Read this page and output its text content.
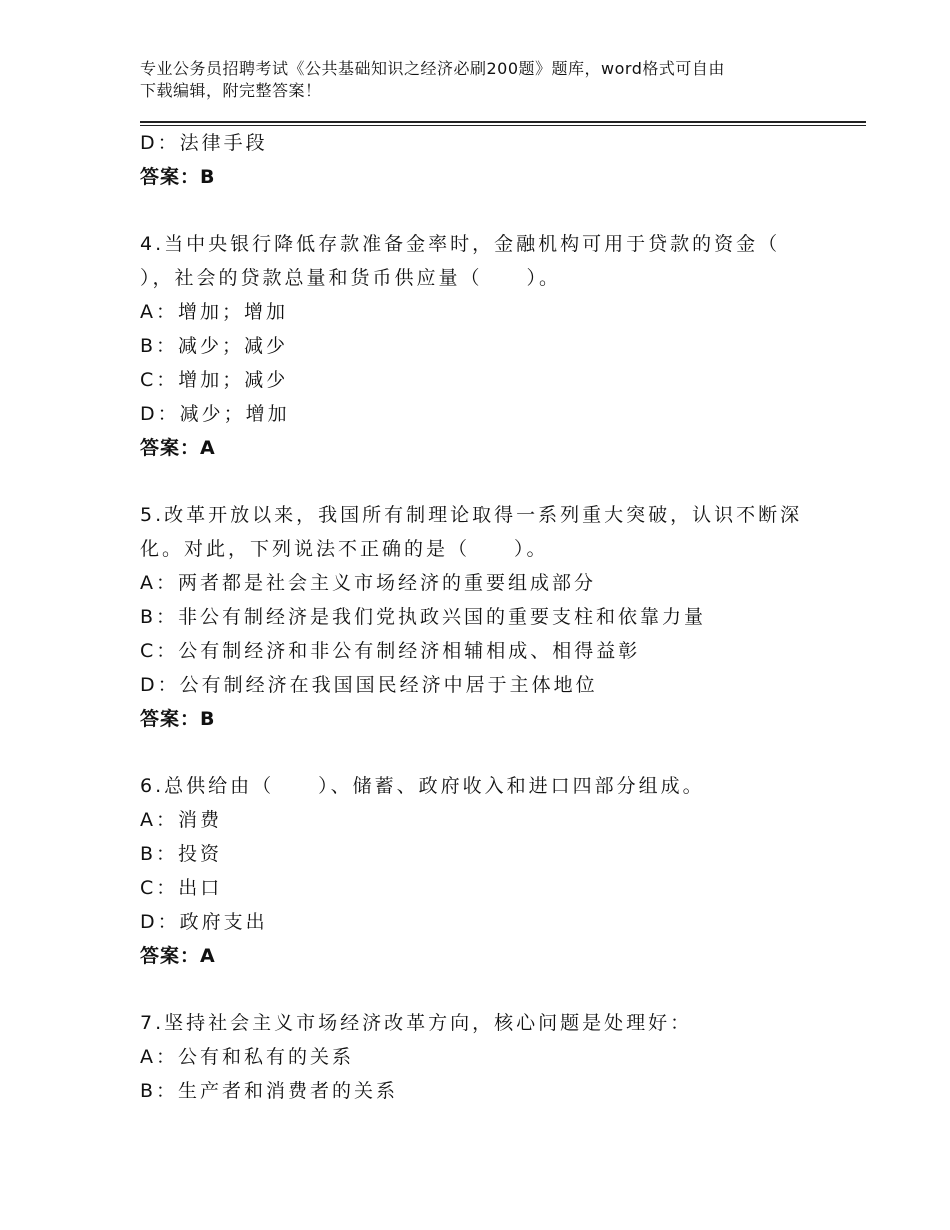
专业公务员招聘考试《公共基础知识之经济必刷200题》题库，word格式可自由
下载编辑，附完整答案！
D：法律手段
答案：B
4.当中央银行降低存款准备金率时，金融机构可用于贷款的资金（
），社会的贷款总量和货币供应量（　　）。
A：增加；增加
B：减少；减少
C：增加；减少
D：减少；增加
答案：A
5.改革开放以来，我国所有制理论取得一系列重大突破，认识不断深
化。对此，下列说法不正确的是（　　）。
A：两者都是社会主义市场经济的重要组成部分
B：非公有制经济是我们党执政兴国的重要支柱和依靠力量
C：公有制经济和非公有制经济相辅相成、相得益彰
D：公有制经济在我国国民经济中居于主体地位
答案：B
6.总供给由（　　）、储蓄、政府收入和进口四部分组成。
A：消费
B：投资
C：出口
D：政府支出
答案：A
7.坚持社会主义市场经济改革方向，核心问题是处理好：
A：公有和私有的关系
B：生产者和消费者的关系
